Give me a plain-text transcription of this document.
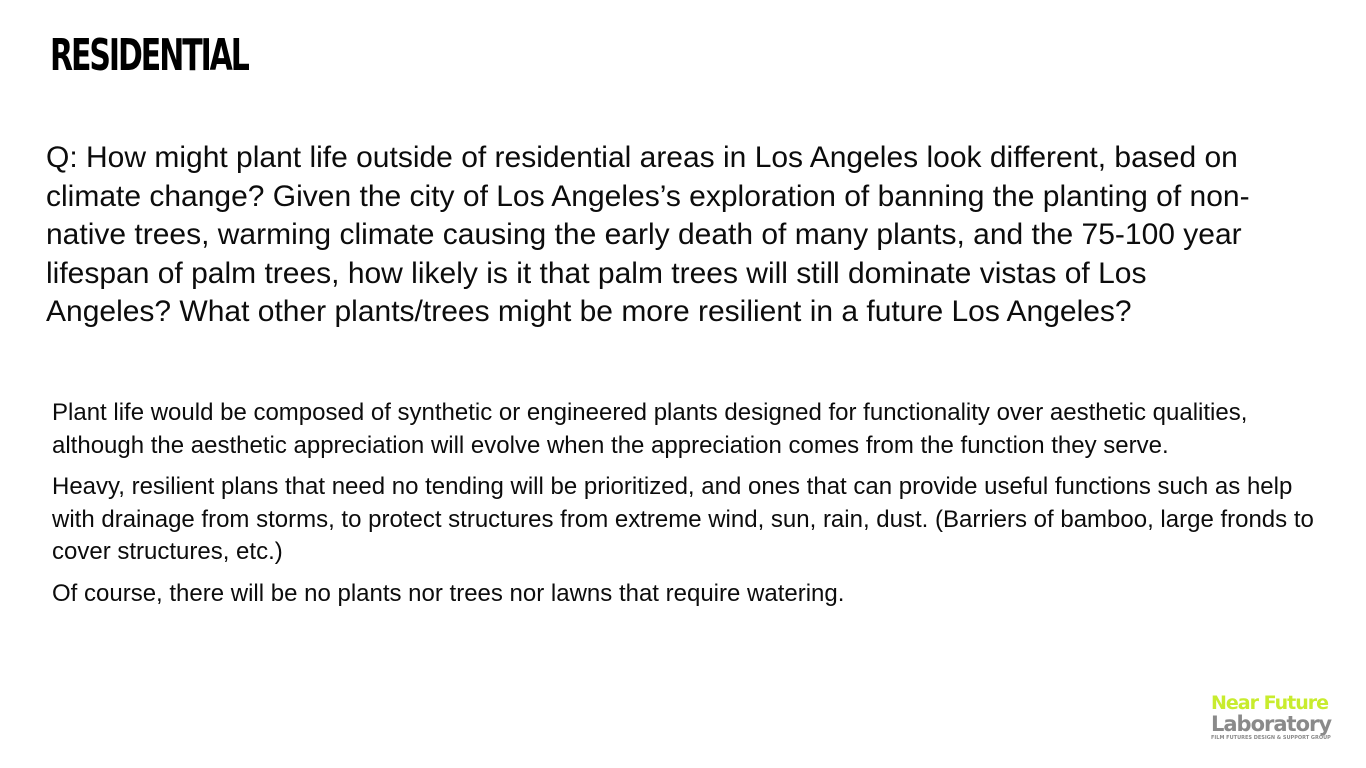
RESIDENTIAL

Q: How might plant life outside of residential areas in Los Angeles look different, based on climate change? Given the city of Los Angeles’s exploration of banning the planting of non-native trees, warming climate causing the early death of many plants, and the 75-100 year lifespan of palm trees, how likely is it that palm trees will still dominate vistas of Los Angeles? What other plants/trees might be more resilient in a future Los Angeles?

Plant life would be composed of synthetic or engineered plants designed for functionality over aesthetic qualities, although the aesthetic appreciation will evolve when the appreciation comes from the function they serve.

Heavy, resilient plans that need no tending will be prioritized, and ones that can provide useful functions such as help with drainage from storms, to protect structures from extreme wind, sun, rain, dust. (Barriers of bamboo, large fronds to cover structures, etc.)

Of course, there will be no plants nor trees nor lawns that require watering.

Near Future
Laboratory
FILM FUTURES DESIGN & SUPPORT GROUP
